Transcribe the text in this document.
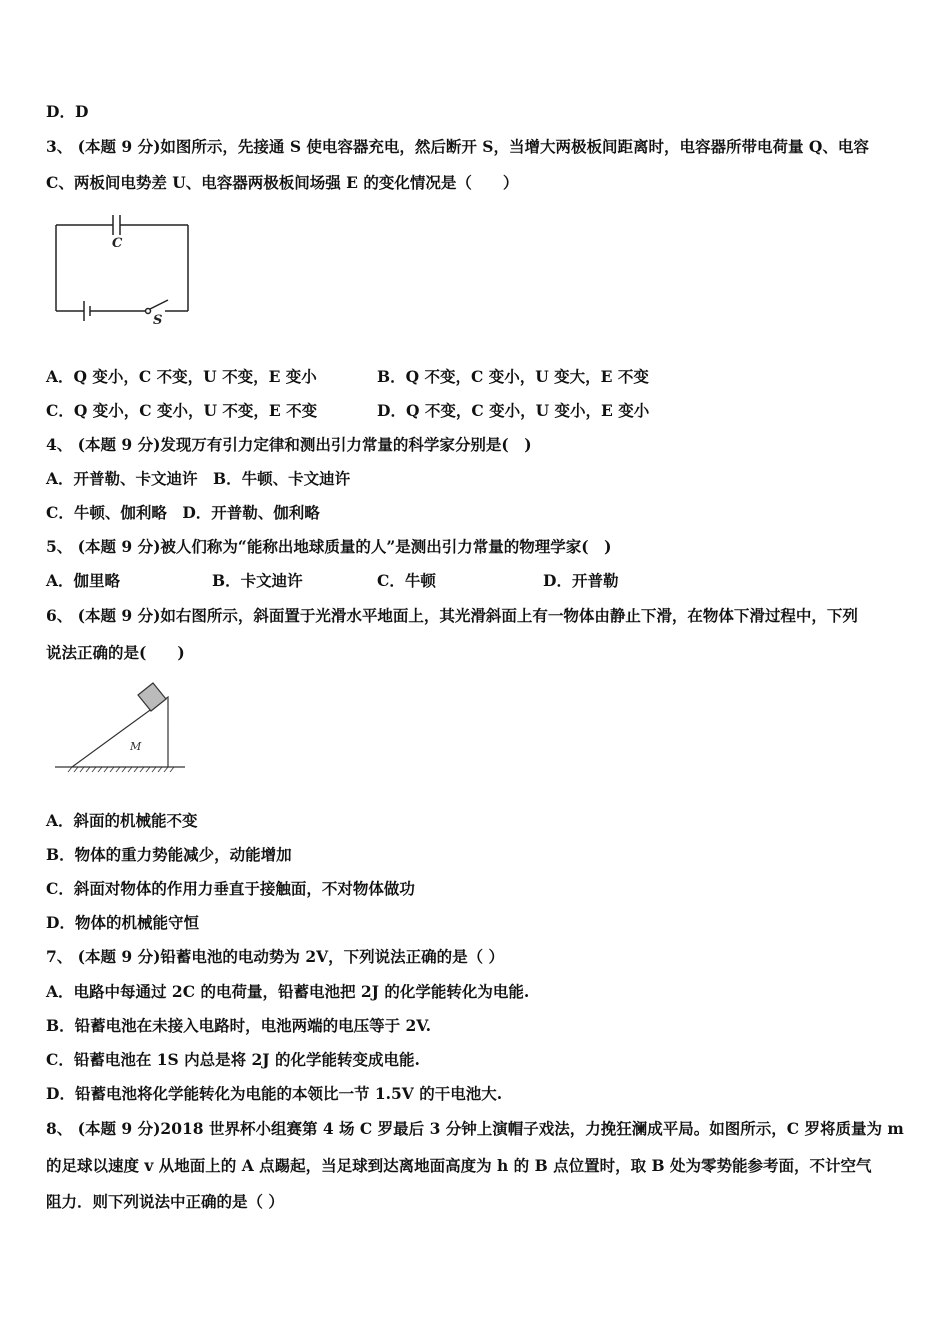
D．D
3、 (本题 9 分)如图所示，先接通 S 使电容器充电，然后断开 S，当增大两极板间距离时，电容器所带电荷量 Q、电容
C、两板间电势差 U、电容器两极板间场强 E 的变化情况是（　　）
C
S
A．Q 变小，C 不变，U 不变，E 变小	B．Q 不变，C 变小，U 变大，E 不变
C．Q 变小，C 变小，U 不变，E 不变	D．Q 不变，C 变小，U 变小，E 变小
4、 (本题 9 分)发现万有引力定律和测出引力常量的科学家分别是(　)
A．开普勒、卡文迪许　B．牛顿、卡文迪许
C．牛顿、伽利略　D．开普勒、伽利略
5、 (本题 9 分)被人们称为“能称出地球质量的人”是测出引力常量的物理学家(　)
A．伽里略	B．卡文迪许	C．牛顿	D．开普勒
6、 (本题 9 分)如右图所示，斜面置于光滑水平地面上，其光滑斜面上有一物体由静止下滑，在物体下滑过程中，下列
说法正确的是(　　)
M
A．斜面的机械能不变
B．物体的重力势能减少，动能增加
C．斜面对物体的作用力垂直于接触面，不对物体做功
D．物体的机械能守恒
7、 (本题 9 分)铅蓄电池的电动势为 2V，下列说法正确的是（ ）
A．电路中每通过 2C 的电荷量，铅蓄电池把 2J 的化学能转化为电能.
B．铅蓄电池在未接入电路时，电池两端的电压等于 2V.
C．铅蓄电池在 1S 内总是将 2J 的化学能转变成电能.
D．铅蓄电池将化学能转化为电能的本领比一节 1.5V 的干电池大.
8、 (本题 9 分)2018 世界杯小组赛第 4 场 C 罗最后 3 分钟上演帽子戏法，力挽狂澜成平局。如图所示，C 罗将质量为 m
的足球以速度 v 从地面上的 A 点踢起，当足球到达离地面高度为 h 的 B 点位置时，取 B 处为零势能参考面，不计空气
阻力．则下列说法中正确的是（ ）
